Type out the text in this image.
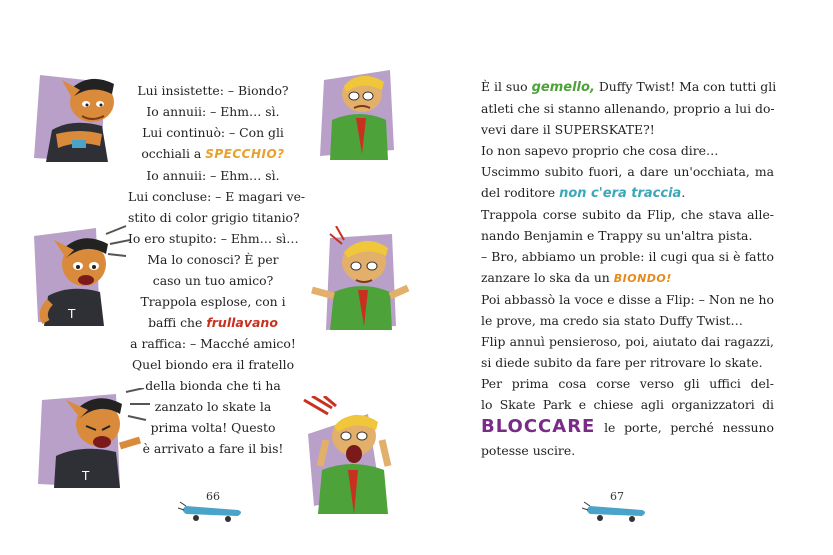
T
T
Lui insistette: – Biondo?
Io annuii: – Ehm… sì.
Lui continuò: – Con gli
occhiali a SPECCHIO?
Io annuii: – Ehm… sì.
Lui concluse: – E magari ve-
stito di color grigio titanio?
Io ero stupito: – Ehm… sì…
Ma lo conosci? È per
caso un tuo amico?
Trappola esplose, con i
baffi che frullavano
a raffica: – Macché amico!
Quel biondo era il fratello
della bionda che ti ha
zanzato lo skate la
prima volta! Questo
è arrivato a fare il bis!
66
È il suo gemello, Duffy Twist! Ma con tutti gli
atleti che si stanno allenando, proprio a lui do-
vevi dare il SUPERSKATE?!
Io non sapevo proprio che cosa dire…
Uscimmo subito fuori, a dare un'occhiata, ma
del roditore non c'era traccia.
Trappola corse subito da Flip, che stava alle-
nando Benjamin e Trappy su un'altra pista.
– Bro, abbiamo un proble: il cugi qua si è fatto
zanzare lo ska da un BIONDO!
Poi abbassò la voce e disse a Flip: – Non ne ho
le prove, ma credo sia stato Duffy Twist…
Flip annuì pensieroso, poi, aiutato dai ragazzi,
si diede subito da fare per ritrovare lo skate.
Per prima cosa corse verso gli uffici del-
lo Skate Park e chiese agli organizzatori di
BLOCCARE le porte, perché nessuno
potesse uscire.
67
